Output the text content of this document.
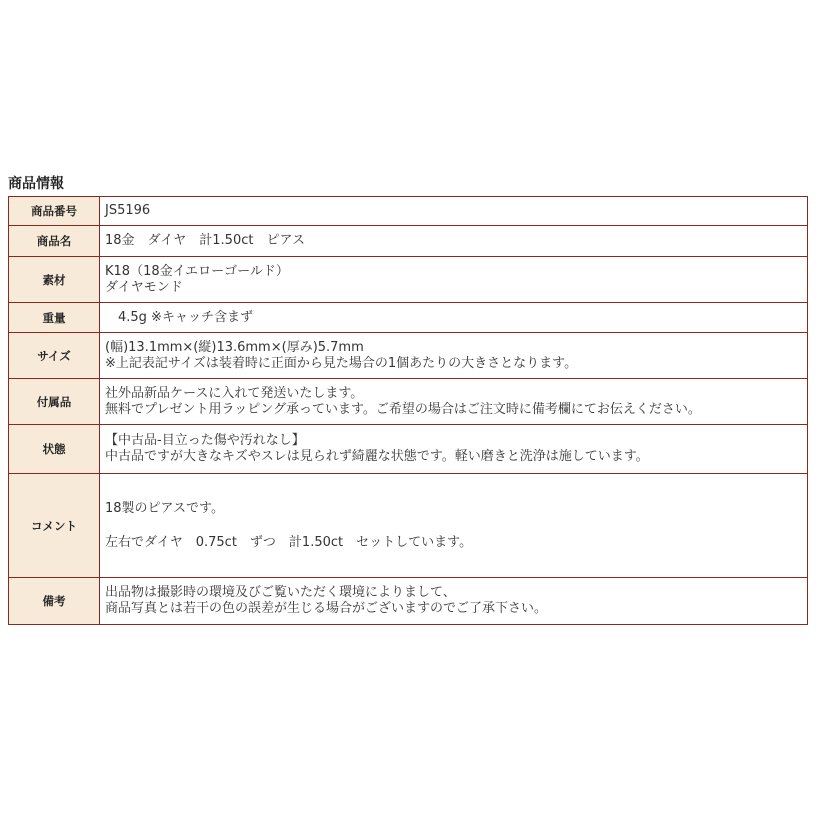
商品情報
商品番号	JS5196

商品名	18金　ダイヤ　計1.50ct　ピアス

素材	K18（18金イエローゴールド）
ダイヤモンド

重量	　4.5g ※キャッチ含まず

サイズ	(幅)13.1mm×(縦)13.6mm×(厚み)5.7mm
※上記表記サイズは装着時に正面から見た場合の1個あたりの大きさとなります。

付属品	社外品新品ケースに入れて発送いたします。
無料でプレゼント用ラッピング承っています。ご希望の場合はご注文時に備考欄にてお伝えください。

状態	【中古品-目立った傷や汚れなし】
中古品ですが大きなキズやスレは見られず綺麗な状態です。軽い磨きと洗浄は施しています。

コメント	18製のピアスです。
左右でダイヤ　0.75ct　ずつ　計1.50ct　セットしています。

備考	出品物は撮影時の環境及びご覧いただく環境によりまして、
商品写真とは若干の色の誤差が生じる場合がございますのでご了承下さい。
